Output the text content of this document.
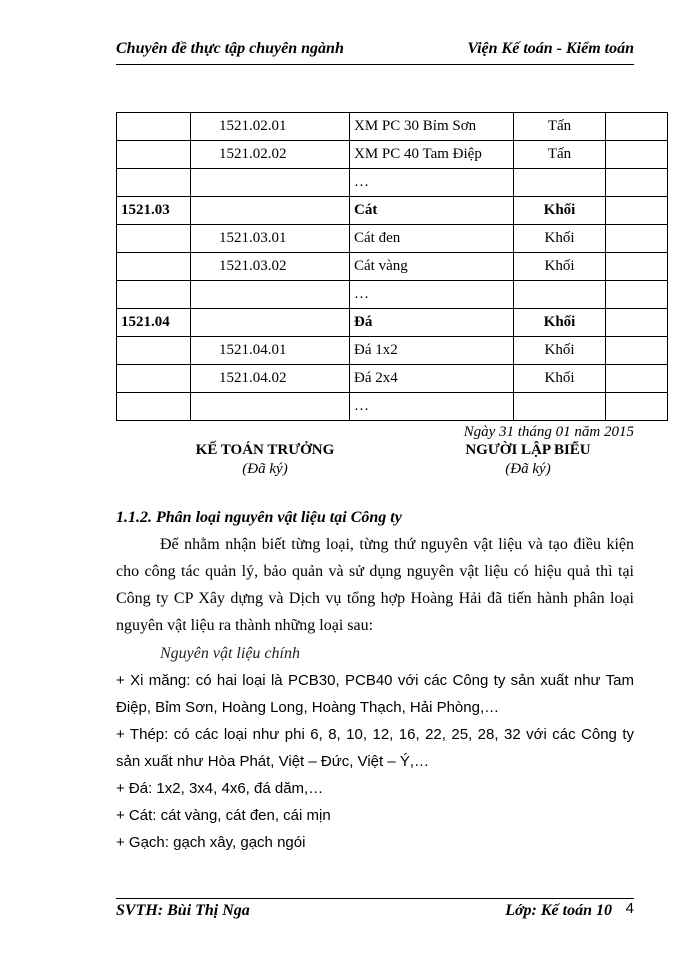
Chuyên đề thực tập chuyên ngành	Viện Kế toán - Kiểm toán
	1521.02.01	XM PC 30 Bỉm Sơn	Tấn	
	1521.02.02	XM PC 40 Tam Điệp	Tấn	
		…		
1521.03		Cát	Khối	
	1521.03.01	Cát đen	Khối	
	1521.03.02	Cát vàng	Khối	
		…		
1521.04		Đá	Khối	
	1521.04.01	Đá 1x2	Khối	
	1521.04.02	Đá 2x4	Khối	
		…		
Ngày 31 tháng 01 năm 2015
KẾ TOÁN TRƯỞNG
(Đã ký)
NGƯỜI LẬP BIỂU
(Đã ký)
1.1.2. Phân loại nguyên vật liệu tại Công ty
Để nhằm nhận biết từng loại, từng thứ nguyên vật liệu và tạo điều kiện
cho công tác quản lý, bảo quản và sử dụng nguyên vật liệu có hiệu quả thì tại
Công ty CP Xây dựng và Dịch vụ tổng hợp Hoàng Hải đã tiến hành phân loại
nguyên vật liệu ra thành những loại sau:
Nguyên vật liệu chính
+ Xi măng: có hai loại là PCB30, PCB40 với các Công ty sản xuất như Tam
Điệp, Bỉm Sơn, Hoàng Long, Hoàng Thạch, Hải Phòng,…
+ Thép: có các loại như phi 6, 8, 10, 12, 16, 22, 25, 28, 32 với các Công ty
sản xuất như Hòa Phát, Việt – Đức, Việt – Ý,…
+ Đá: 1x2, 3x4, 4x6, đá dăm,…
+ Cát: cát vàng, cát đen, cái mịn
+ Gạch: gạch xây, gạch ngói
SVTH: Bùi Thị Nga	Lớp: Kế toán 10 4
